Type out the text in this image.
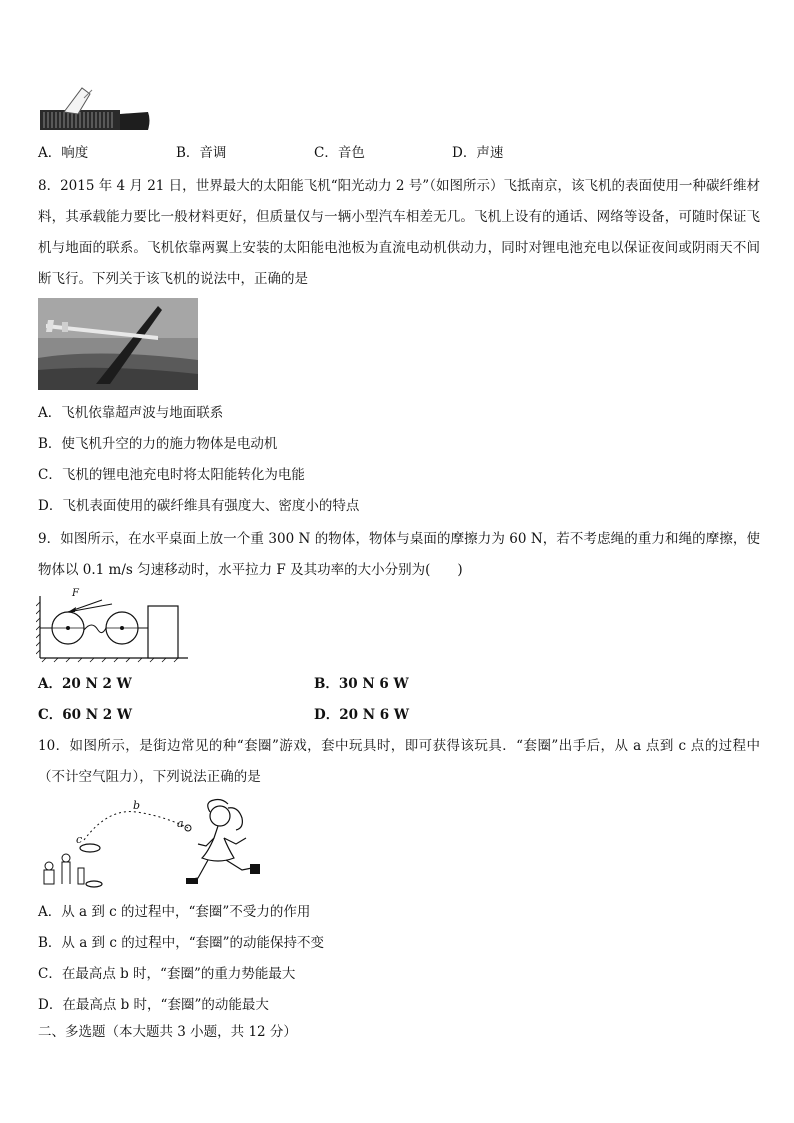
A．响度	B．音调	C．音色	D．声速
8．2015 年 4 月 21 日，世界最大的太阳能飞机“阳光动力 2 号”（如图所示）飞抵南京，该飞机的表面使用一种碳纤维材料，其承载能力要比一般材料更好，但质量仅与一辆小型汽车相差无几。飞机上设有的通话、网络等设备，可随时保证飞机与地面的联系。飞机依靠两翼上安装的太阳能电池板为直流电动机供动力，同时对锂电池充电以保证夜间或阴雨天不间断飞行。下列关于该飞机的说法中，正确的是
A．飞机依靠超声波与地面联系
B．使飞机升空的力的施力物体是电动机
C．飞机的锂电池充电时将太阳能转化为电能
D．飞机表面使用的碳纤维具有强度大、密度小的特点
9．如图所示，在水平桌面上放一个重 300 N 的物体，物体与桌面的摩擦力为 60 N，若不考虑绳的重力和绳的摩擦，使物体以 0.1 m/s 匀速移动时，水平拉力 F 及其功率的大小分别为(　　)
F
A．20 N 2 W	B．30 N 6 W
C．60 N 2 W	D．20 N 6 W
10．如图所示，是街边常见的种“套圈”游戏，套中玩具时，即可获得该玩具．“套圈”出手后，从 a 点到 c 点的过程中（不计空气阻力），下列说法正确的是
b
a
c
A．从 a 到 c 的过程中，“套圈”不受力的作用
B．从 a 到 c 的过程中，“套圈”的动能保持不变
C．在最高点 b 时，“套圈”的重力势能最大
D．在最高点 b 时，“套圈”的动能最大
二、多选题（本大题共 3 小题，共 12 分）
